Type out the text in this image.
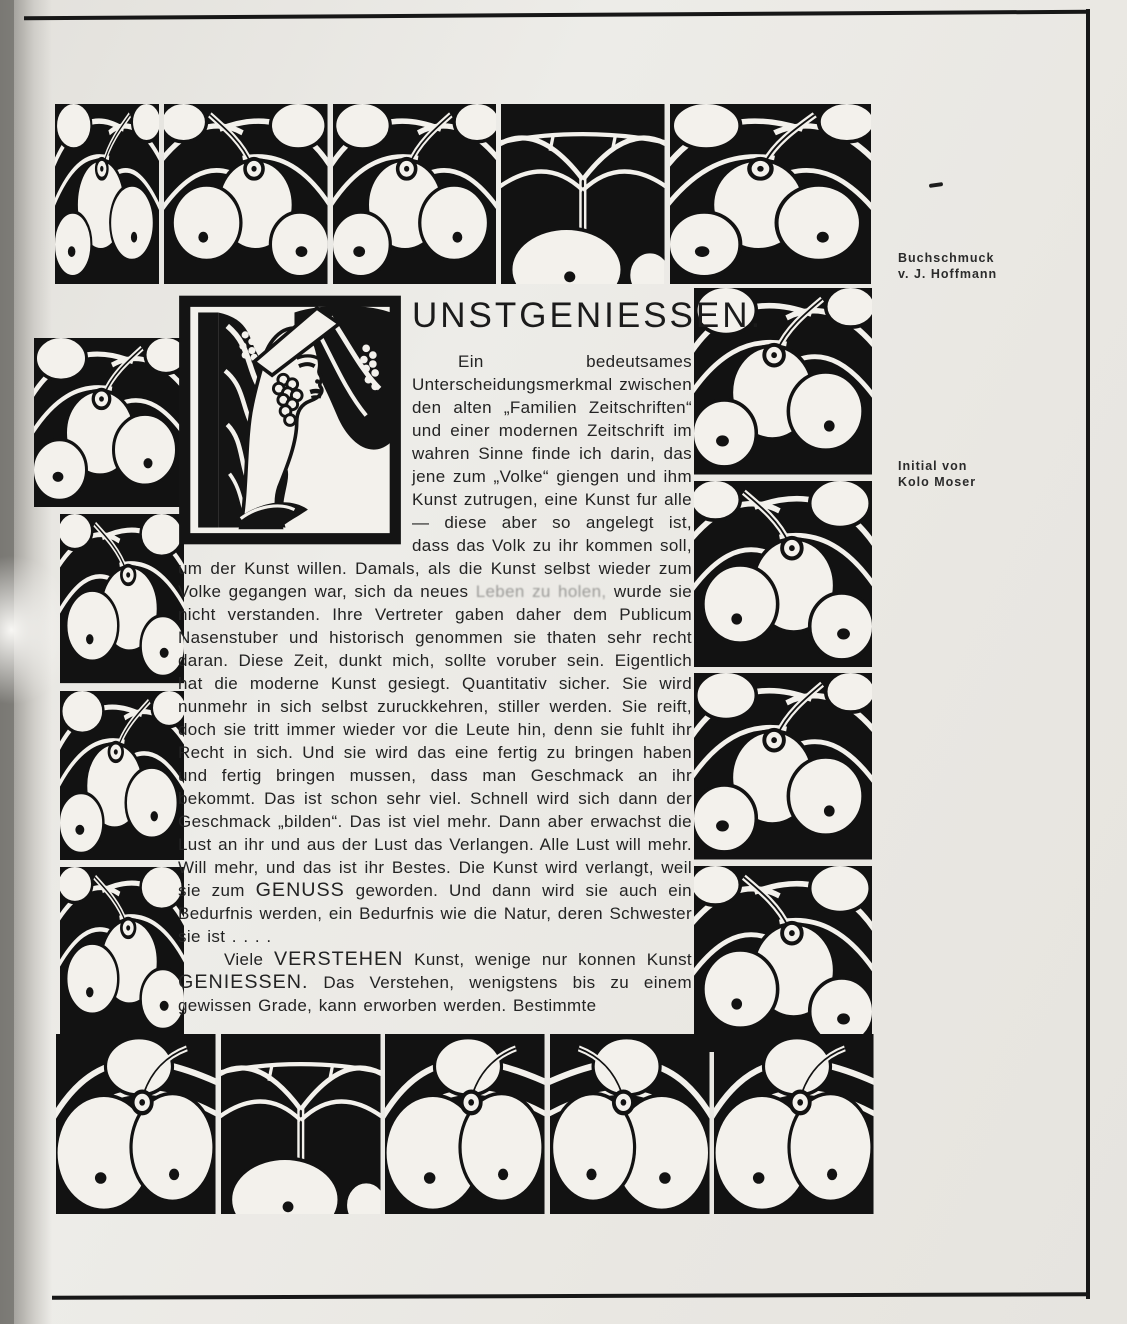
UNSTGENIESSEN.

Ein bedeutsames Unterscheidungsmerkmal zwischen den alten „Familien Zeitschriften“ und einer modernen Zeitschrift im wahren Sinne finde ich darin, das jene zum „Volke“ giengen und ihm Kunst zutrugen, eine Kunst fur alle — diese aber so angelegt ist, dass das Volk zu ihr kommen soll, um der Kunst willen. Damals, als die Kunst selbst wieder zum Volke gegangen war, sich da neues Leben zu holen, wurde sie nicht verstanden. Ihre Vertreter gaben daher dem Publicum Nasenstuber und historisch genommen sie thaten sehr recht daran. Diese Zeit, dunkt mich, sollte voruber sein. Eigentlich hat die moderne Kunst gesiegt. Quantitativ sicher. Sie wird nunmehr in sich selbst zuruckkehren, stiller werden. Sie reift, doch sie tritt immer wieder vor die Leute hin, denn sie fuhlt ihr Recht in sich. Und sie wird das eine fertig zu bringen haben und fertig bringen mussen, dass man Geschmack an ihr bekommt. Das ist schon sehr viel. Schnell wird sich dann der Geschmack „bilden“. Das ist viel mehr. Dann aber erwachst die Lust an ihr und aus der Lust das Verlangen. Alle Lust will mehr. Will mehr, und das ist ihr Bestes. Die Kunst wird verlangt, weil sie zum GENUSS geworden. Und dann wird sie auch ein Bedurfnis werden, ein Bedurfnis wie die Natur, deren Schwester sie ist . . . .

Viele VERSTEHEN Kunst, wenige nur konnen Kunst GENIESSEN. Das Verstehen, wenigstens bis zu einem gewissen Grade, kann erworben werden. Bestimmte

Buchschmuck
v. J. Hoffmann
Initial von
Kolo Moser
